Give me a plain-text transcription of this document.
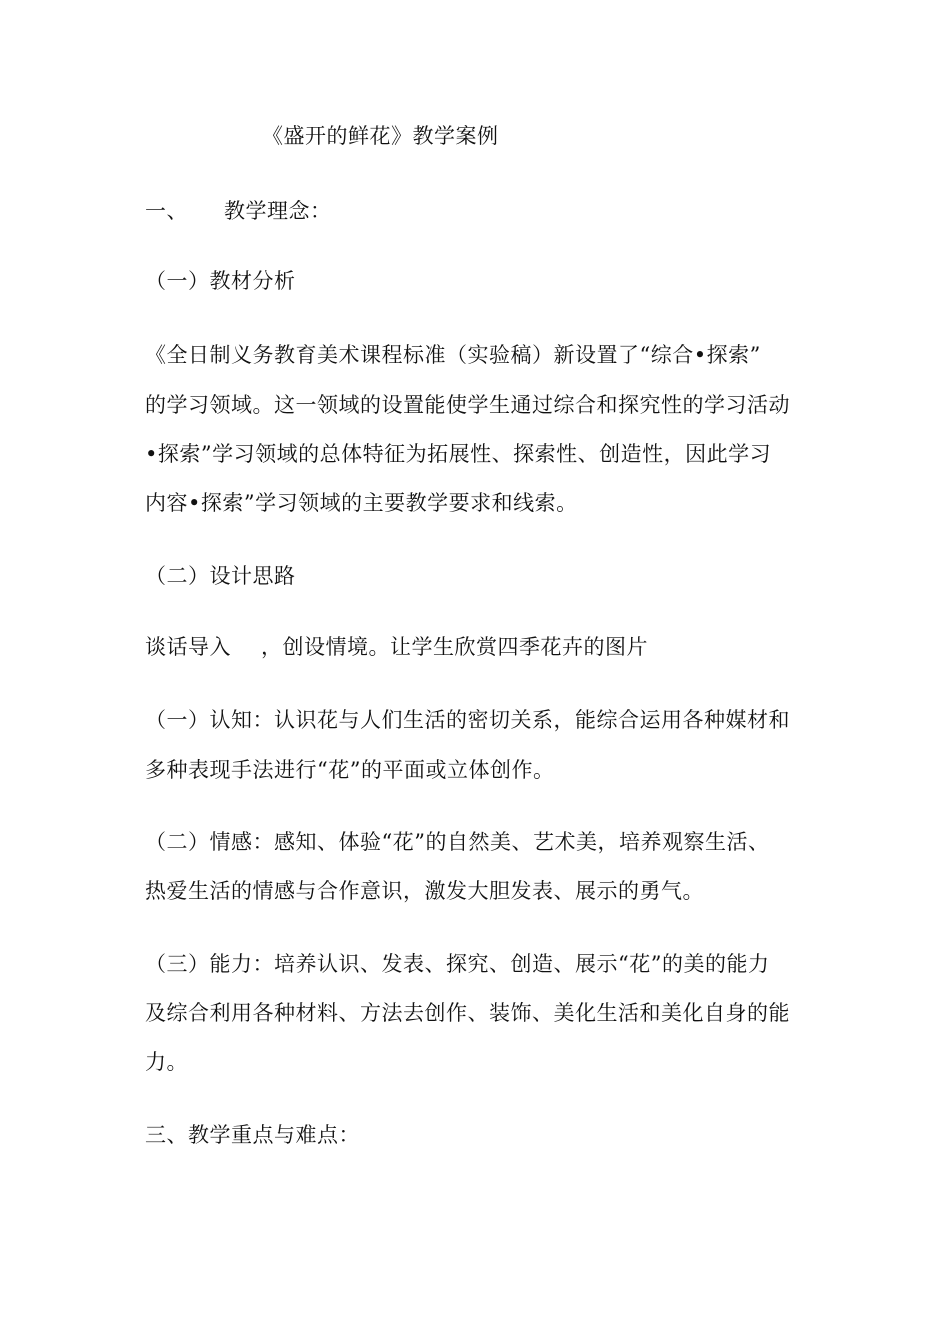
《盛开的鲜花》教学案例
一、 教学理念：
（一）教材分析
《全日制义务教育美术课程标准（实验稿）新设置了“综合•探索”
的学习领域。这一领域的设置能使学生通过综合和探究性的学习活动
•探索”学习领域的总体特征为拓展性、探索性、创造性，因此学习
内容•探索”学习领域的主要教学要求和线索。
（二）设计思路
谈话导入 ，创设情境。让学生欣赏四季花卉的图片
（一）认知：认识花与人们生活的密切关系，能综合运用各种媒材和
多种表现手法进行“花”的平面或立体创作。
（二）情感：感知、体验“花”的自然美、艺术美，培养观察生活、
热爱生活的情感与合作意识，激发大胆发表、展示的勇气。
（三）能力：培养认识、发表、探究、创造、展示“花”的美的能力
及综合利用各种材料、方法去创作、装饰、美化生活和美化自身的能
力。
三、教学重点与难点：
